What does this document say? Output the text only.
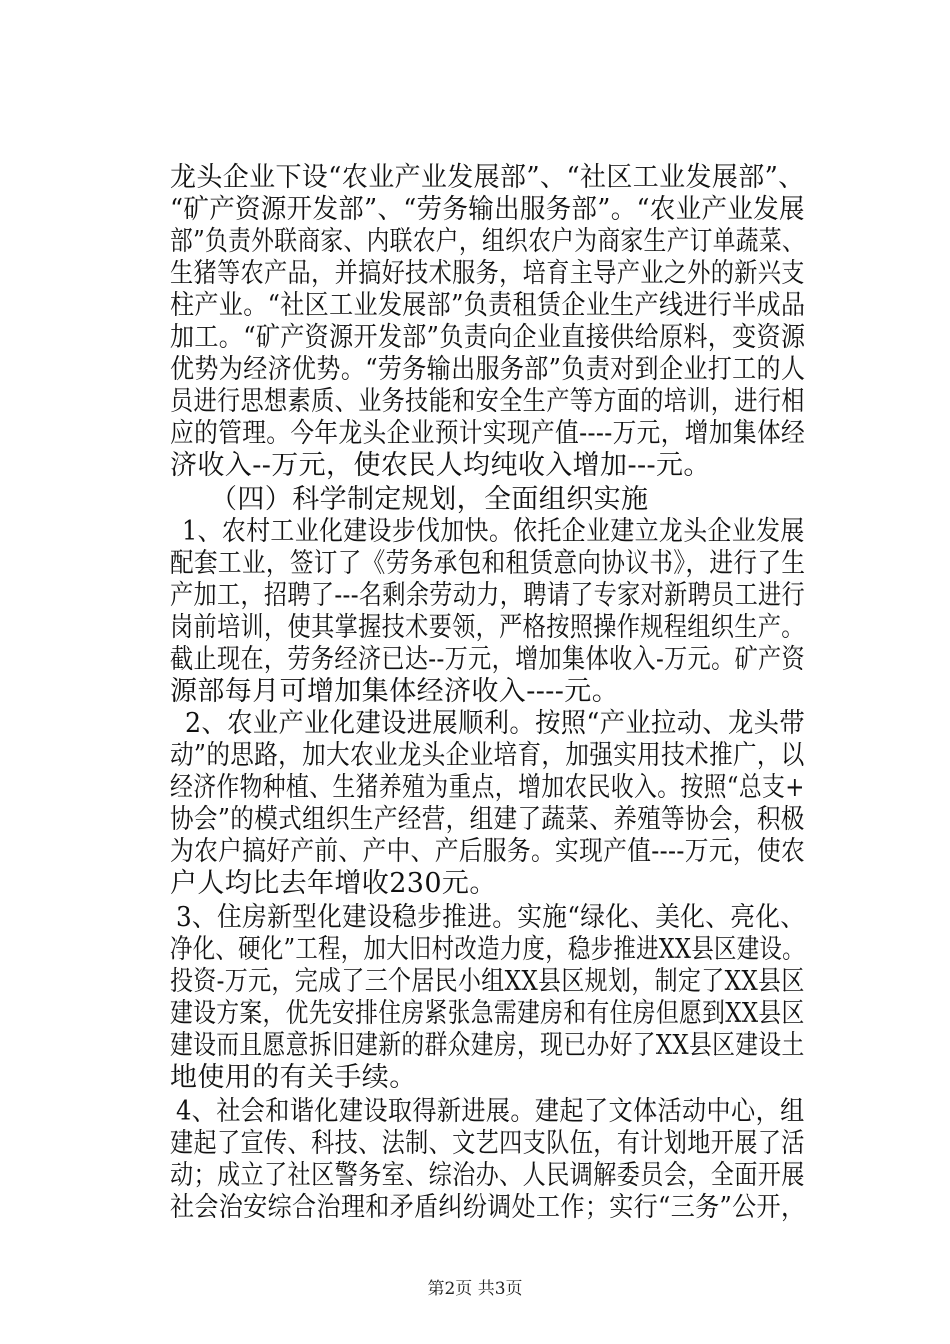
龙头企业下设“农业产业发展部”、“社区工业发展部”、
“矿产资源开发部”、“劳务输出服务部”。“农业产业发展
部”负责外联商家、内联农户，组织农户为商家生产订单蔬菜、
生猪等农产品，并搞好技术服务，培育主导产业之外的新兴支
柱产业。“社区工业发展部”负责租赁企业生产线进行半成品
加工。“矿产资源开发部”负责向企业直接供给原料，变资源
优势为经济优势。“劳务输出服务部”负责对到企业打工的人
员进行思想素质、业务技能和安全生产等方面的培训，进行相
应的管理。今年龙头企业预计实现产值----万元，增加集体经
济收入--万元，使农民人均纯收入增加---元。
（四）科学制定规划，全面组织实施
1、农村工业化建设步伐加快。依托企业建立龙头企业发展
配套工业，签订了《劳务承包和租赁意向协议书》，进行了生
产加工，招聘了---名剩余劳动力，聘请了专家对新聘员工进行
岗前培训，使其掌握技术要领，严格按照操作规程组织生产。
截止现在，劳务经济已达--万元，增加集体收入-万元。矿产资
源部每月可增加集体经济收入----元。
2、农业产业化建设进展顺利。按照“产业拉动、龙头带
动”的思路，加大农业龙头企业培育，加强实用技术推广，以
经济作物种植、生猪养殖为重点，增加农民收入。按照“总支+
协会”的模式组织生产经营，组建了蔬菜、养殖等协会，积极
为农户搞好产前、产中、产后服务。实现产值----万元，使农
户人均比去年增收230元。
3、住房新型化建设稳步推进。实施“绿化、美化、亮化、
净化、硬化”工程，加大旧村改造力度，稳步推进XX县区建设。
投资-万元，完成了三个居民小组XX县区规划，制定了XX县区
建设方案，优先安排住房紧张急需建房和有住房但愿到XX县区
建设而且愿意拆旧建新的群众建房，现已办好了XX县区建设土
地使用的有关手续。
4、社会和谐化建设取得新进展。建起了文体活动中心，组
建起了宣传、科技、法制、文艺四支队伍，有计划地开展了活
动；成立了社区警务室、综治办、人民调解委员会，全面开展
社会治安综合治理和矛盾纠纷调处工作；实行“三务”公开，
第2页 共3页
